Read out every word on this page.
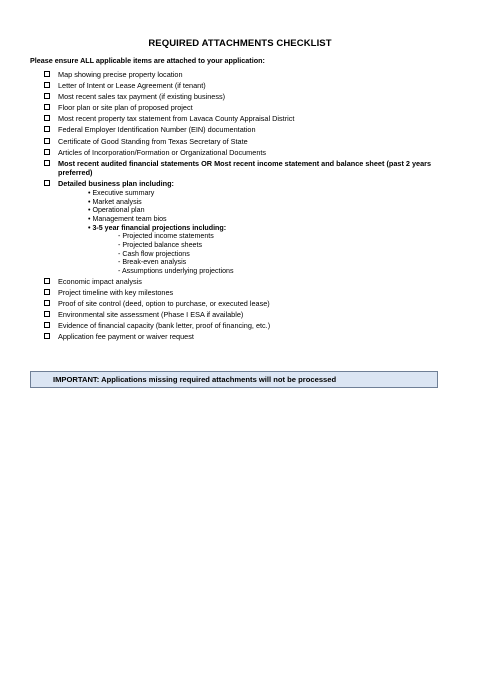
REQUIRED ATTACHMENTS CHECKLIST
Please ensure ALL applicable items are attached to your application:
Map showing precise property location
Letter of Intent or Lease Agreement (if tenant)
Most recent sales tax payment (if existing business)
Floor plan or site plan of proposed project
Most recent property tax statement from Lavaca County Appraisal District
Federal Employer Identification Number (EIN) documentation
Certificate of Good Standing from Texas Secretary of State
Articles of Incorporation/Formation or Organizational Documents
Most recent audited financial statements OR Most recent income statement and balance sheet (past 2 years preferred)
Detailed business plan including:
• Executive summary
• Market analysis
• Operational plan
• Management team bios
• 3-5 year financial projections including:
- Projected income statements
- Projected balance sheets
- Cash flow projections
- Break-even analysis
- Assumptions underlying projections
Economic impact analysis
Project timeline with key milestones
Proof of site control (deed, option to purchase, or executed lease)
Environmental site assessment (Phase I ESA if available)
Evidence of financial capacity (bank letter, proof of financing, etc.)
Application fee payment or waiver request
IMPORTANT: Applications missing required attachments will not be processed
